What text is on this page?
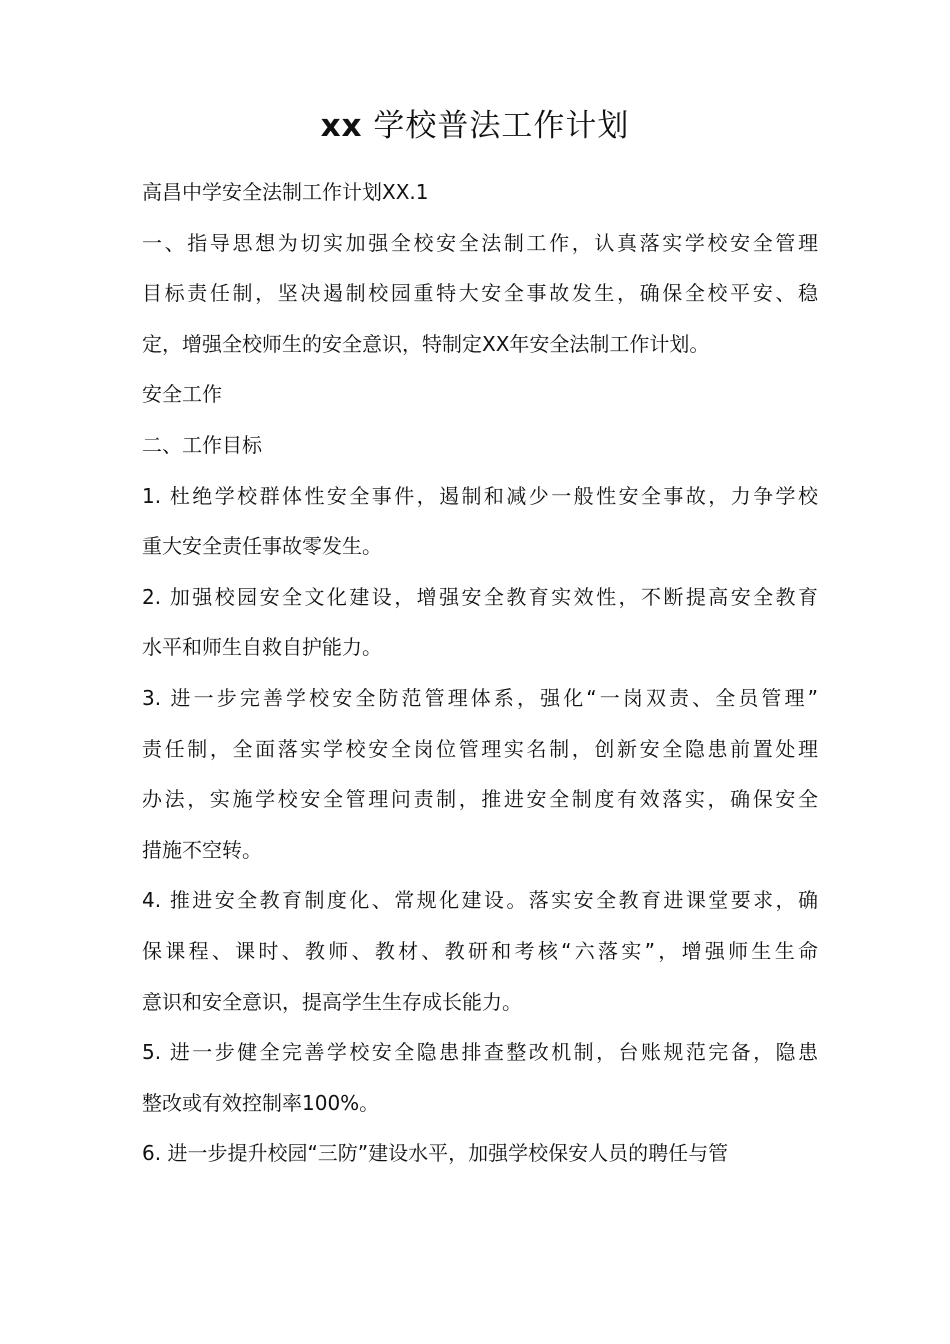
xx 学校普法工作计划

高昌中学安全法制工作计划XX.1

一、指导思想为切实加强全校安全法制工作，认真落实学校安全管理
目标责任制，坚决遏制校园重特大安全事故发生，确保全校平安、稳
定，增强全校师生的安全意识，特制定XX年安全法制工作计划。

安全工作

二、工作目标

1. 杜绝学校群体性安全事件，遏制和减少一般性安全事故，力争学校
重大安全责任事故零发生。

2. 加强校园安全文化建设，增强安全教育实效性，不断提高安全教育
水平和师生自救自护能力。

3. 进一步完善学校安全防范管理体系，强化“一岗双责、全员管理”
责任制，全面落实学校安全岗位管理实名制，创新安全隐患前置处理
办法，实施学校安全管理问责制，推进安全制度有效落实，确保安全
措施不空转。

4. 推进安全教育制度化、常规化建设。落实安全教育进课堂要求，确
保课程、课时、教师、教材、教研和考核“六落实”，增强师生生命
意识和安全意识，提高学生生存成长能力。

5. 进一步健全完善学校安全隐患排查整改机制，台账规范完备，隐患
整改或有效控制率100%。

6. 进一步提升校园“三防”建设水平，加强学校保安人员的聘任与管
